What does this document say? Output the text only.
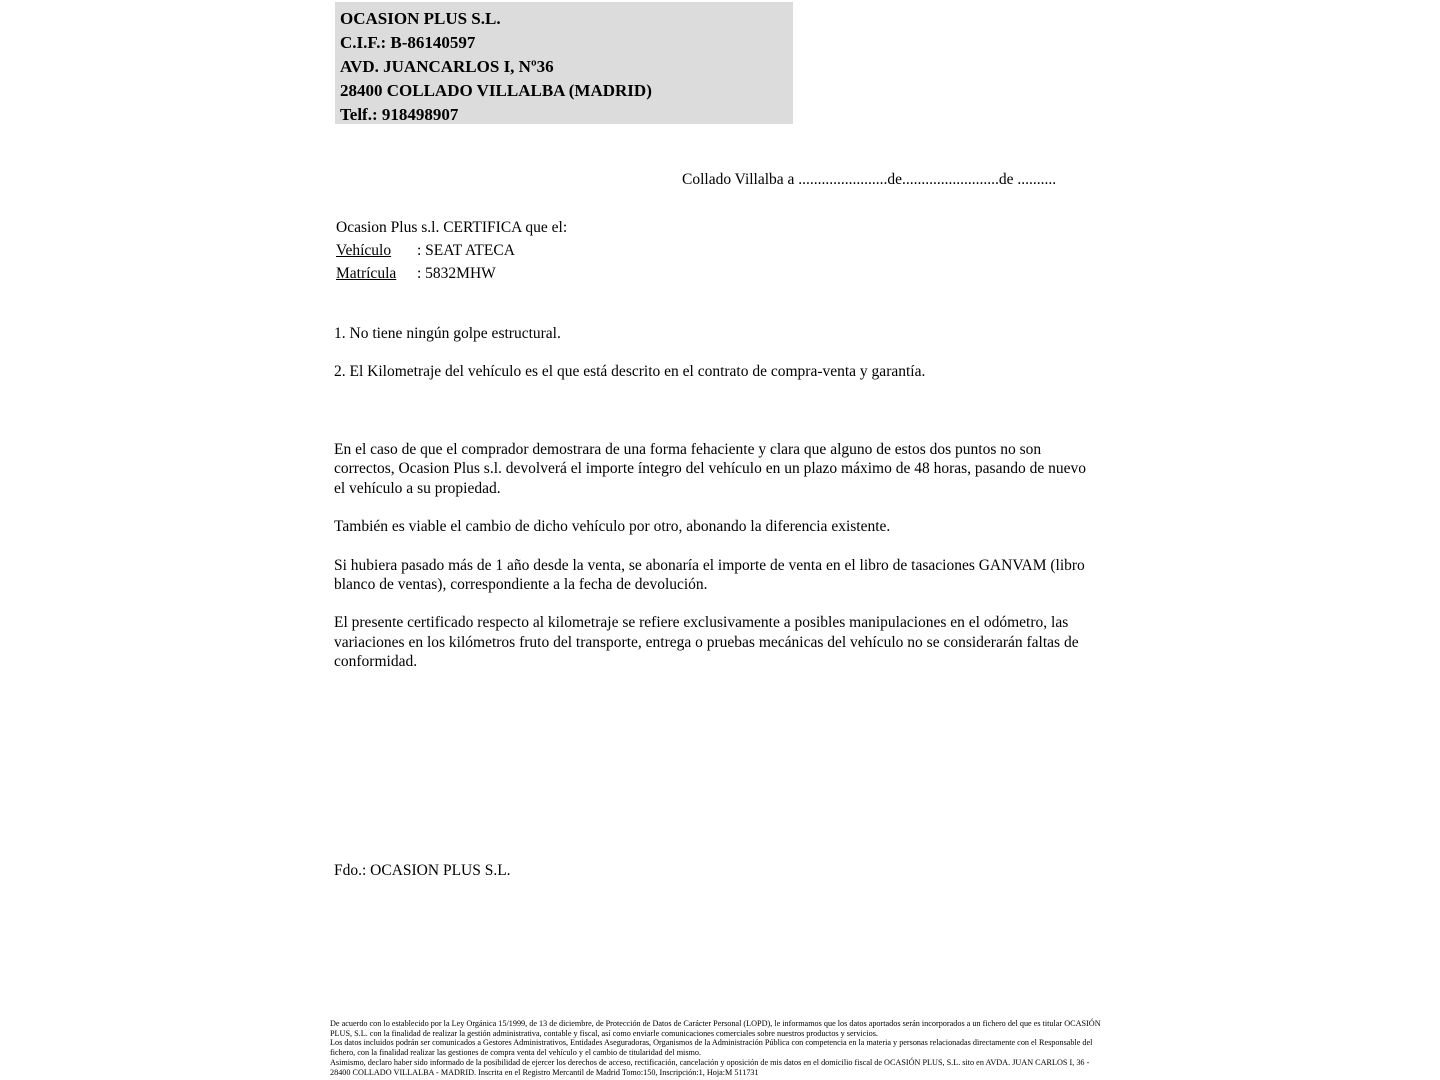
OCASION PLUS S.L.
C.I.F.: B-86140597
AVD. JUANCARLOS I, Nº36
28400 COLLADO VILLALBA (MADRID)
Telf.: 918498907
Collado Villalba a .......................de.........................de ..........
Ocasion Plus s.l. CERTIFICA que el:
Vehículo : SEAT ATECA
Matrícula : 5832MHW
1. No tiene ningún golpe estructural.
2. El Kilometraje del vehículo es el que está descrito en el contrato de compra-venta y garantía.

En el caso de que el comprador demostrara de una forma fehaciente y clara que alguno de estos dos puntos no son correctos, Ocasion Plus s.l. devolverá el importe íntegro del vehículo en un plazo máximo de 48 horas, pasando de nuevo el vehículo a su propiedad.

También es viable el cambio de dicho vehículo por otro, abonando la diferencia existente.

Si hubiera pasado más de 1 año desde la venta, se abonaría el importe de venta en el libro de tasaciones GANVAM (libro blanco de ventas), correspondiente a la fecha de devolución.

El presente certificado respecto al kilometraje se refiere exclusivamente a posibles manipulaciones en el odómetro, las variaciones en los kilómetros fruto del transporte, entrega o pruebas mecánicas del vehículo no se considerarán faltas de conformidad.

Fdo.: OCASION PLUS S.L.

De acuerdo con lo establecido por la Ley Orgánica 15/1999, de 13 de diciembre, de Protección de Datos de Carácter Personal (LOPD), le informamos que los datos aportados serán incorporados a un fichero del que es titular OCASIÓN PLUS, S.L. con la finalidad de realizar la gestión administrativa, contable y fiscal, así como enviarle comunicaciones comerciales sobre nuestros productos y servicios.

Los datos incluidos podrán ser comunicados a Gestores Administrativos, Entidades Aseguradoras, Organismos de la Administración Pública con competencia en la materia y personas relacionadas directamente con el Responsable del fichero, con la finalidad realizar las gestiones de compra venta del vehículo y el cambio de titularidad del mismo.

Asimismo, declaro haber sido informado de la posibilidad de ejercer los derechos de acceso, rectificación, cancelación y oposición de mis datos en el domicilio fiscal de OCASIÓN PLUS, S.L. sito en AVDA. JUAN CARLOS I, 36 - 28400 COLLADO VILLALBA - MADRID. Inscrita en el Registro Mercantil de Madrid Tomo:150, Inscripción:1, Hoja:M 511731
